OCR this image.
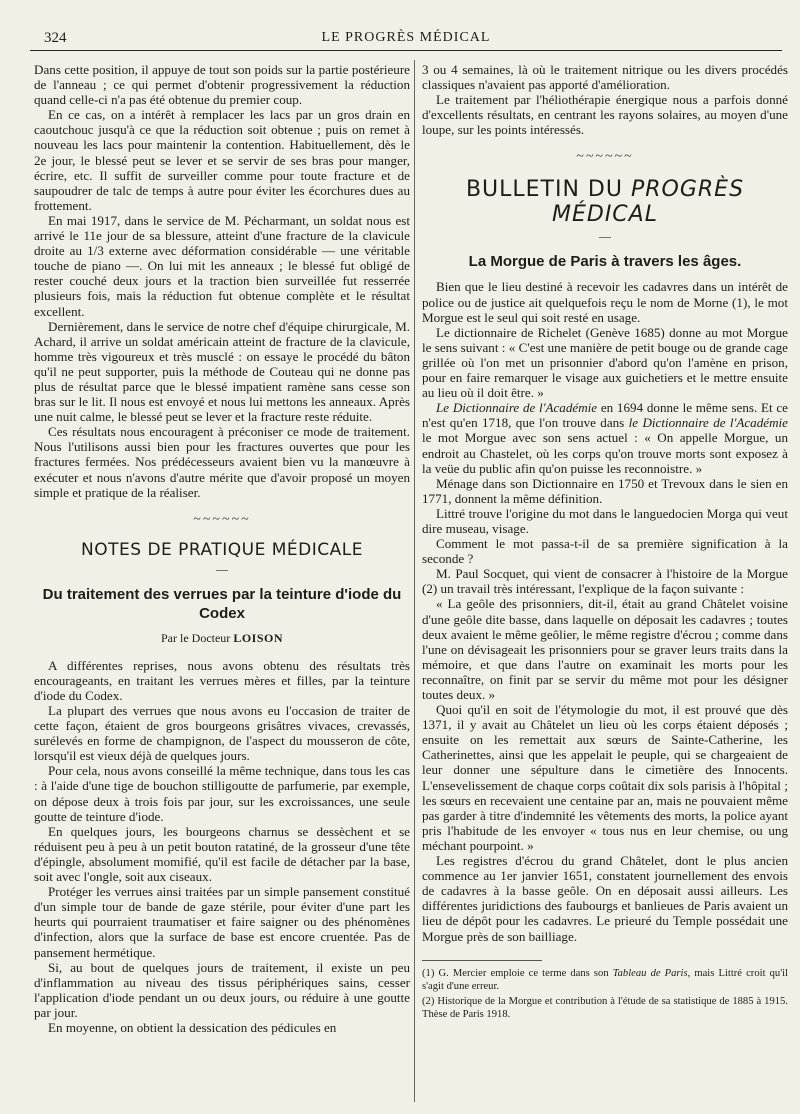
324	LE PROGRÈS MÉDICAL

Dans cette position, il appuye de tout son poids sur la partie postérieure de l'anneau ; ce qui permet d'obtenir progressivement la réduction quand celle-ci n'a pas été obtenue du premier coup.

En ce cas, on a intérêt à remplacer les lacs par un gros drain en caoutchouc jusqu'à ce que la réduction soit obtenue ; puis on remet à nouveau les lacs pour maintenir la contention. Habituellement, dès le 2e jour, le blessé peut se lever et se servir de ses bras pour manger, écrire, etc. Il suffit de surveiller comme pour toute fracture et de saupoudrer de talc de temps à autre pour éviter les écorchures dues au frottement.

En mai 1917, dans le service de M. Pécharmant, un soldat nous est arrivé le 11e jour de sa blessure, atteint d'une fracture de la clavicule droite au 1/3 externe avec déformation considérable — une véritable touche de piano —. On lui mit les anneaux ; le blessé fut obligé de rester couché deux jours et la traction bien surveillée fut resserrée plusieurs fois, mais la réduction fut obtenue complète et le résultat excellent.

Dernièrement, dans le service de notre chef d'équipe chirurgicale, M. Achard, il arrive un soldat américain atteint de fracture de la clavicule, homme très vigoureux et très musclé : on essaye le procédé du bâton qu'il ne peut supporter, puis la méthode de Couteau qui ne donne pas plus de résultat parce que le blessé impatient ramène sans cesse son bras sur le lit. Il nous est envoyé et nous lui mettons les anneaux. Après une nuit calme, le blessé peut se lever et la fracture reste réduite.

Ces résultats nous encouragent à préconiser ce mode de traitement. Nous l'utilisons aussi bien pour les fractures ouvertes que pour les fractures fermées. Nos prédécesseurs avaient bien vu la manœuvre à exécuter et nous n'avons d'autre mérite que d'avoir proposé un moyen simple et pratique de la réaliser.

~~~~~~
NOTES DE PRATIQUE MÉDICALE
—
Du traitement des verrues par la teinture d'iode du Codex
Par le Docteur LOISON

A différentes reprises, nous avons obtenu des résultats très encourageants, en traitant les verrues mères et filles, par la teinture d'iode du Codex.

La plupart des verrues que nous avons eu l'occasion de traiter de cette façon, étaient de gros bourgeons grisâtres vivaces, crevassés, surélevés en forme de champignon, de l'aspect du mousseron de côte, lorsqu'il est vieux déjà de quelques jours.

Pour cela, nous avons conseillé la même technique, dans tous les cas : à l'aide d'une tige de bouchon stilligoutte de parfumerie, par exemple, on dépose deux à trois fois par jour, sur les excroissances, une seule goutte de teinture d'iode.

En quelques jours, les bourgeons charnus se dessèchent et se réduisent peu à peu à un petit bouton ratatiné, de la grosseur d'une tête d'épingle, absolument momifié, qu'il est facile de détacher par la base, soit avec l'ongle, soit aux ciseaux.

Protéger les verrues ainsi traitées par un simple pansement constitué d'un simple tour de bande de gaze stérile, pour éviter d'une part les heurts qui pourraient traumatiser et faire saigner ou des phénomènes d'infection, alors que la surface de base est encore cruentée. Pas de pansement hermétique.

Si, au bout de quelques jours de traitement, il existe un peu d'inflammation au niveau des tissus périphériques sains, cesser l'application d'iode pendant un ou deux jours, ou réduire à une goutte par jour.

En moyenne, on obtient la dessication des pédicules en

3 ou 4 semaines, là où le traitement nitrique ou les divers procédés classiques n'avaient pas apporté d'amélioration.

Le traitement par l'héliothérapie énergique nous a parfois donné d'excellents résultats, en centrant les rayons solaires, au moyen d'une loupe, sur les points intéressés.

~~~~~~
BULLETIN DU PROGRÈS MÉDICAL
—
La Morgue de Paris à travers les âges.

Bien que le lieu destiné à recevoir les cadavres dans un intérêt de police ou de justice ait quelquefois reçu le nom de Morne (1), le mot Morgue est le seul qui soit resté en usage.

Le dictionnaire de Richelet (Genève 1685) donne au mot Morgue le sens suivant : « C'est une manière de petit bouge ou de grande cage grillée où l'on met un prisonnier d'abord qu'on l'amène en prison, pour en faire remarquer le visage aux guichetiers et le mettre ensuite au lieu où il doit être. »

Le Dictionnaire de l'Académie en 1694 donne le même sens. Et ce n'est qu'en 1718, que l'on trouve dans le Dictionnaire de l'Académie le mot Morgue avec son sens actuel : « On appelle Morgue, un endroit au Chastelet, où les corps qu'on trouve morts sont exposez à la veüe du public afin qu'on puisse les reconnoistre. »

Ménage dans son Dictionnaire en 1750 et Trevoux dans le sien en 1771, donnent la même définition.

Littré trouve l'origine du mot dans le languedocien Morga qui veut dire museau, visage.

Comment le mot passa-t-il de sa première signification à la seconde ?

M. Paul Socquet, qui vient de consacrer à l'histoire de la Morgue (2) un travail très intéressant, l'explique de la façon suivante :

« La geôle des prisonniers, dit-il, était au grand Châtelet voisine d'une geôle dite basse, dans laquelle on déposait les cadavres ; toutes deux avaient le même geôlier, le même registre d'écrou ; comme dans l'une on dévisageait les prisonniers pour se graver leurs traits dans la mémoire, et que dans l'autre on examinait les morts pour les reconnaître, on finit par se servir du même mot pour les désigner toutes deux. »

Quoi qu'il en soit de l'étymologie du mot, il est prouvé que dès 1371, il y avait au Châtelet un lieu où les corps étaient déposés ; ensuite on les remettait aux sœurs de Sainte-Catherine, les Catherinettes, ainsi que les appelait le peuple, qui se chargeaient de leur donner une sépulture dans le cimetière des Innocents. L'ensevelissement de chaque corps coûtait dix sols parisis à l'hôpital ; les sœurs en recevaient une centaine par an, mais ne pouvaient même pas garder à titre d'indemnité les vêtements des morts, la police ayant pris l'habitude de les envoyer « tous nus en leur chemise, ou ung méchant pourpoint. »

Les registres d'écrou du grand Châtelet, dont le plus ancien commence au 1er janvier 1651, constatent journellement des envois de cadavres à la basse geôle. On en déposait aussi ailleurs. Les différentes juridictions des faubourgs et banlieues de Paris avaient un lieu de dépôt pour les cadavres. Le prieuré du Temple possédait une Morgue près de son bailliage.

(1) G. Mercier emploie ce terme dans son Tableau de Paris, mais Littré croit qu'il s'agit d'une erreur.

(2) Historique de la Morgue et contribution à l'étude de sa statistique de 1885 à 1915. Thèse de Paris 1918.
